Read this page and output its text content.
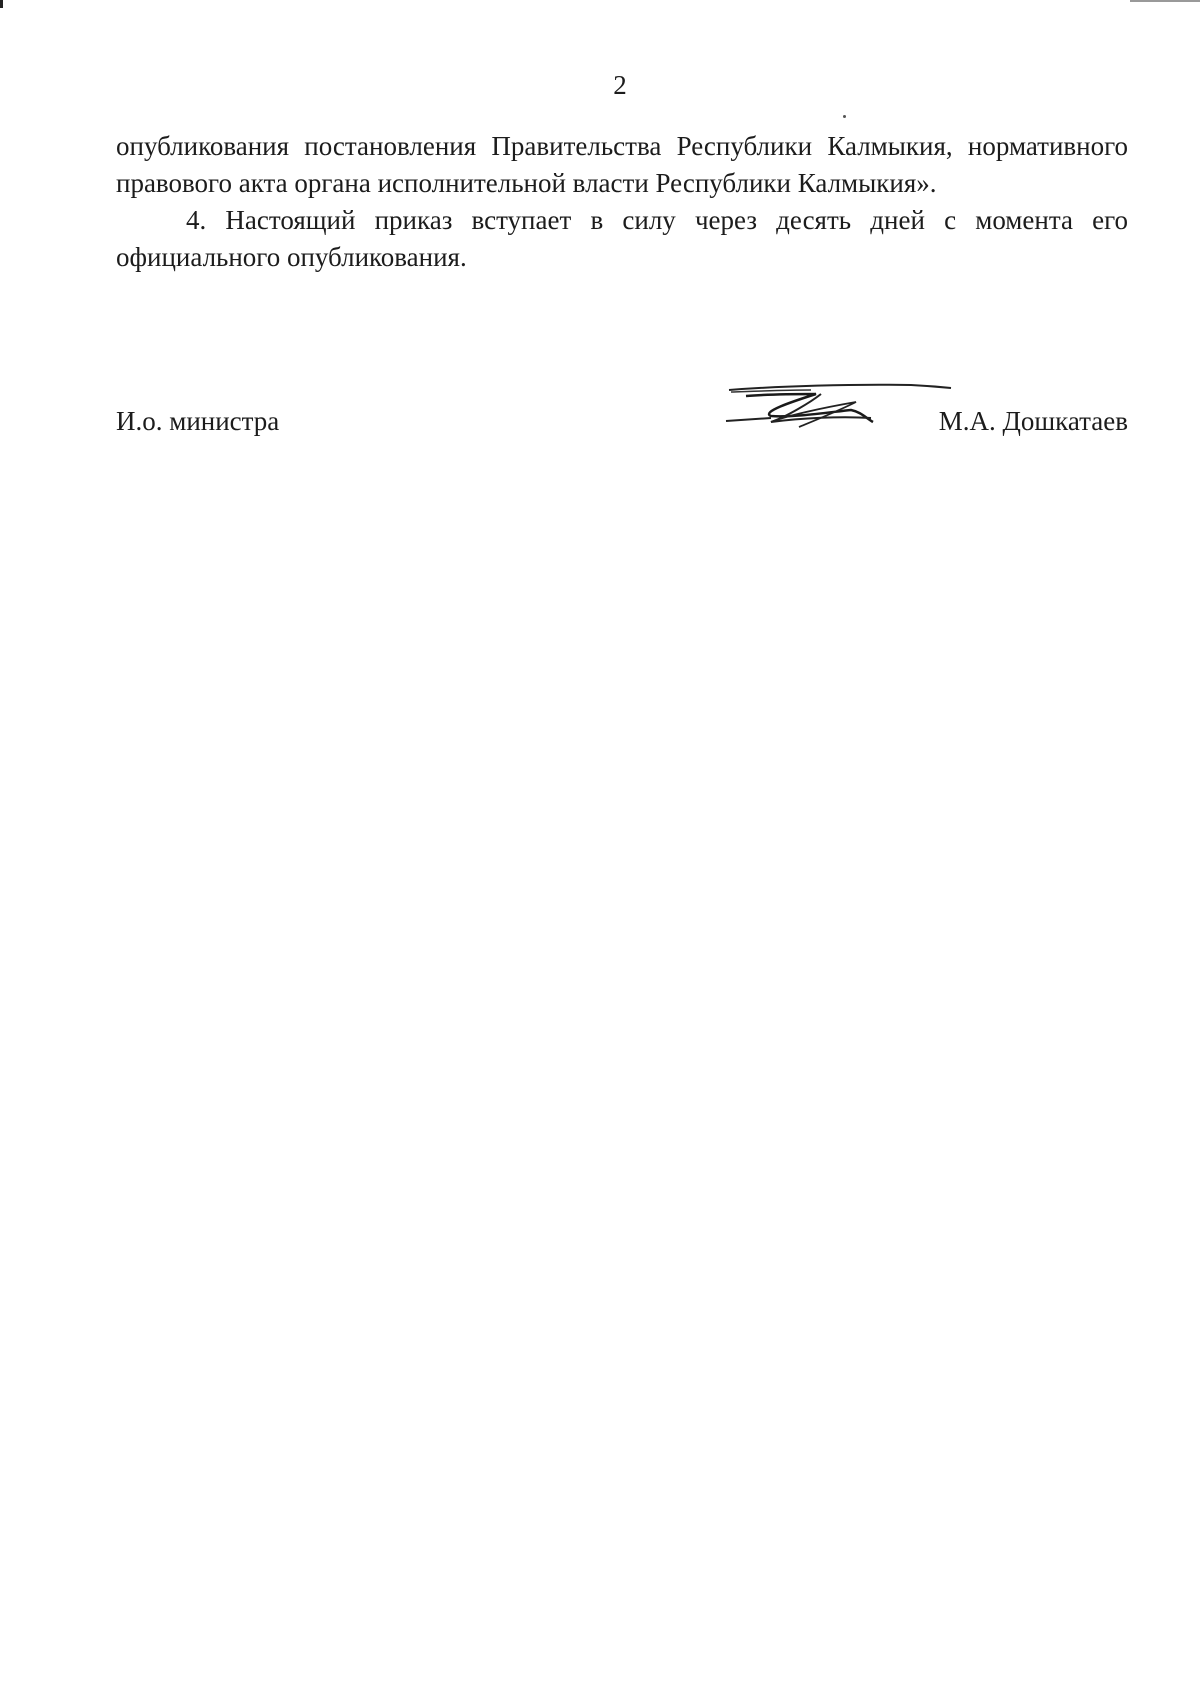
2

опубликования постановления Правительства Республики Калмыкия, нормативного правового акта органа исполнительной власти Республики Калмыкия».

4. Настоящий приказ вступает в силу через десять дней с момента его официального опубликования.

И.о. министра	М.А. Дошкатаев
